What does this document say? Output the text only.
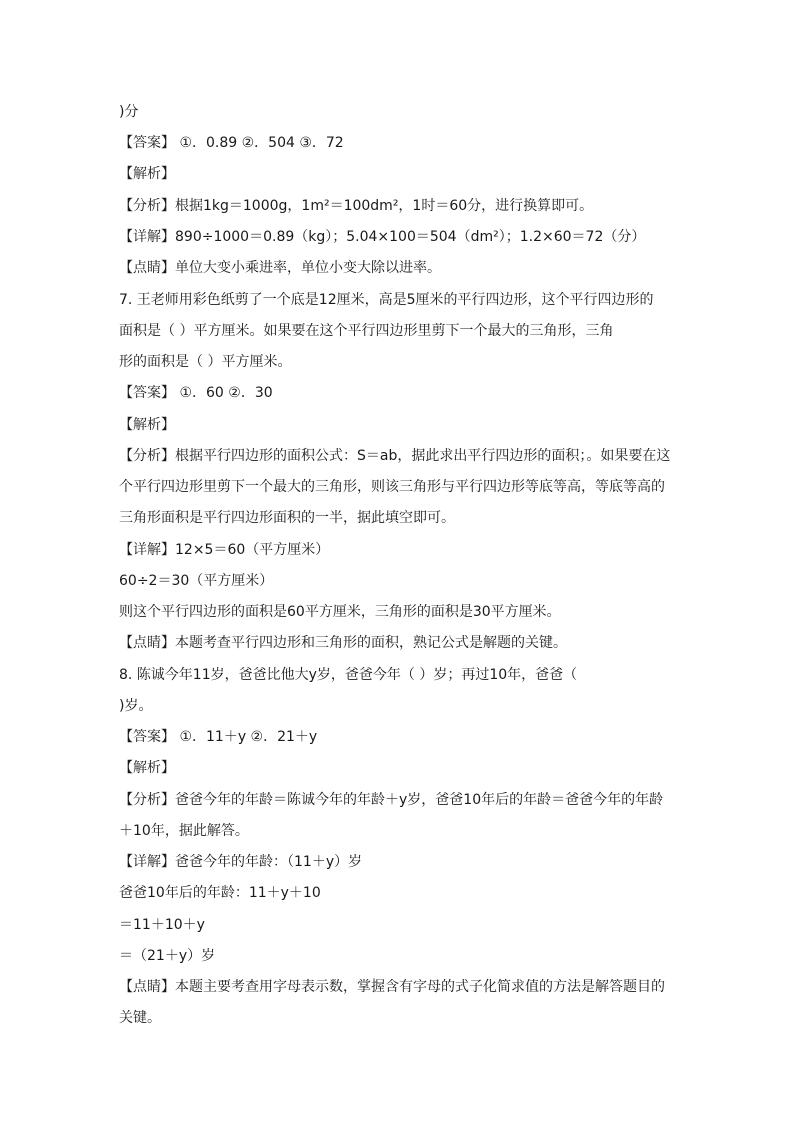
)分
【答案】 ①．0.89 ②．504 ③．72
【解析】
【分析】根据1kg＝1000g，1m²＝100dm²，1时＝60分，进行换算即可。
【详解】890÷1000＝0.89（kg）；5.04×100＝504（dm²）；1.2×60＝72（分）
【点睛】单位大变小乘进率，单位小变大除以进率。
7. 王老师用彩色纸剪了一个底是12厘米，高是5厘米的平行四边形，这个平行四边形的
面积是（ ）平方厘米。如果要在这个平行四边形里剪下一个最大的三角形，三角
形的面积是（ ）平方厘米。
【答案】 ①．60 ②．30
【解析】
【分析】根据平行四边形的面积公式：S＝ab，据此求出平行四边形的面积；。如果要在这
个平行四边形里剪下一个最大的三角形，则该三角形与平行四边形等底等高，等底等高的
三角形面积是平行四边形面积的一半，据此填空即可。
【详解】12×5＝60（平方厘米）
60÷2＝30（平方厘米）
则这个平行四边形的面积是60平方厘米，三角形的面积是30平方厘米。
【点睛】本题考查平行四边形和三角形的面积，熟记公式是解题的关键。
8. 陈诚今年11岁，爸爸比他大y岁，爸爸今年（ ）岁；再过10年，爸爸（
)岁。
【答案】 ①．11＋y ②．21＋y
【解析】
【分析】爸爸今年的年龄＝陈诚今年的年龄＋y岁，爸爸10年后的年龄＝爸爸今年的年龄
＋10年，据此解答。
【详解】爸爸今年的年龄：（11＋y）岁
爸爸10年后的年龄：11＋y＋10
＝11＋10＋y
＝（21＋y）岁
【点睛】本题主要考查用字母表示数，掌握含有字母的式子化简求值的方法是解答题目的
关键。
